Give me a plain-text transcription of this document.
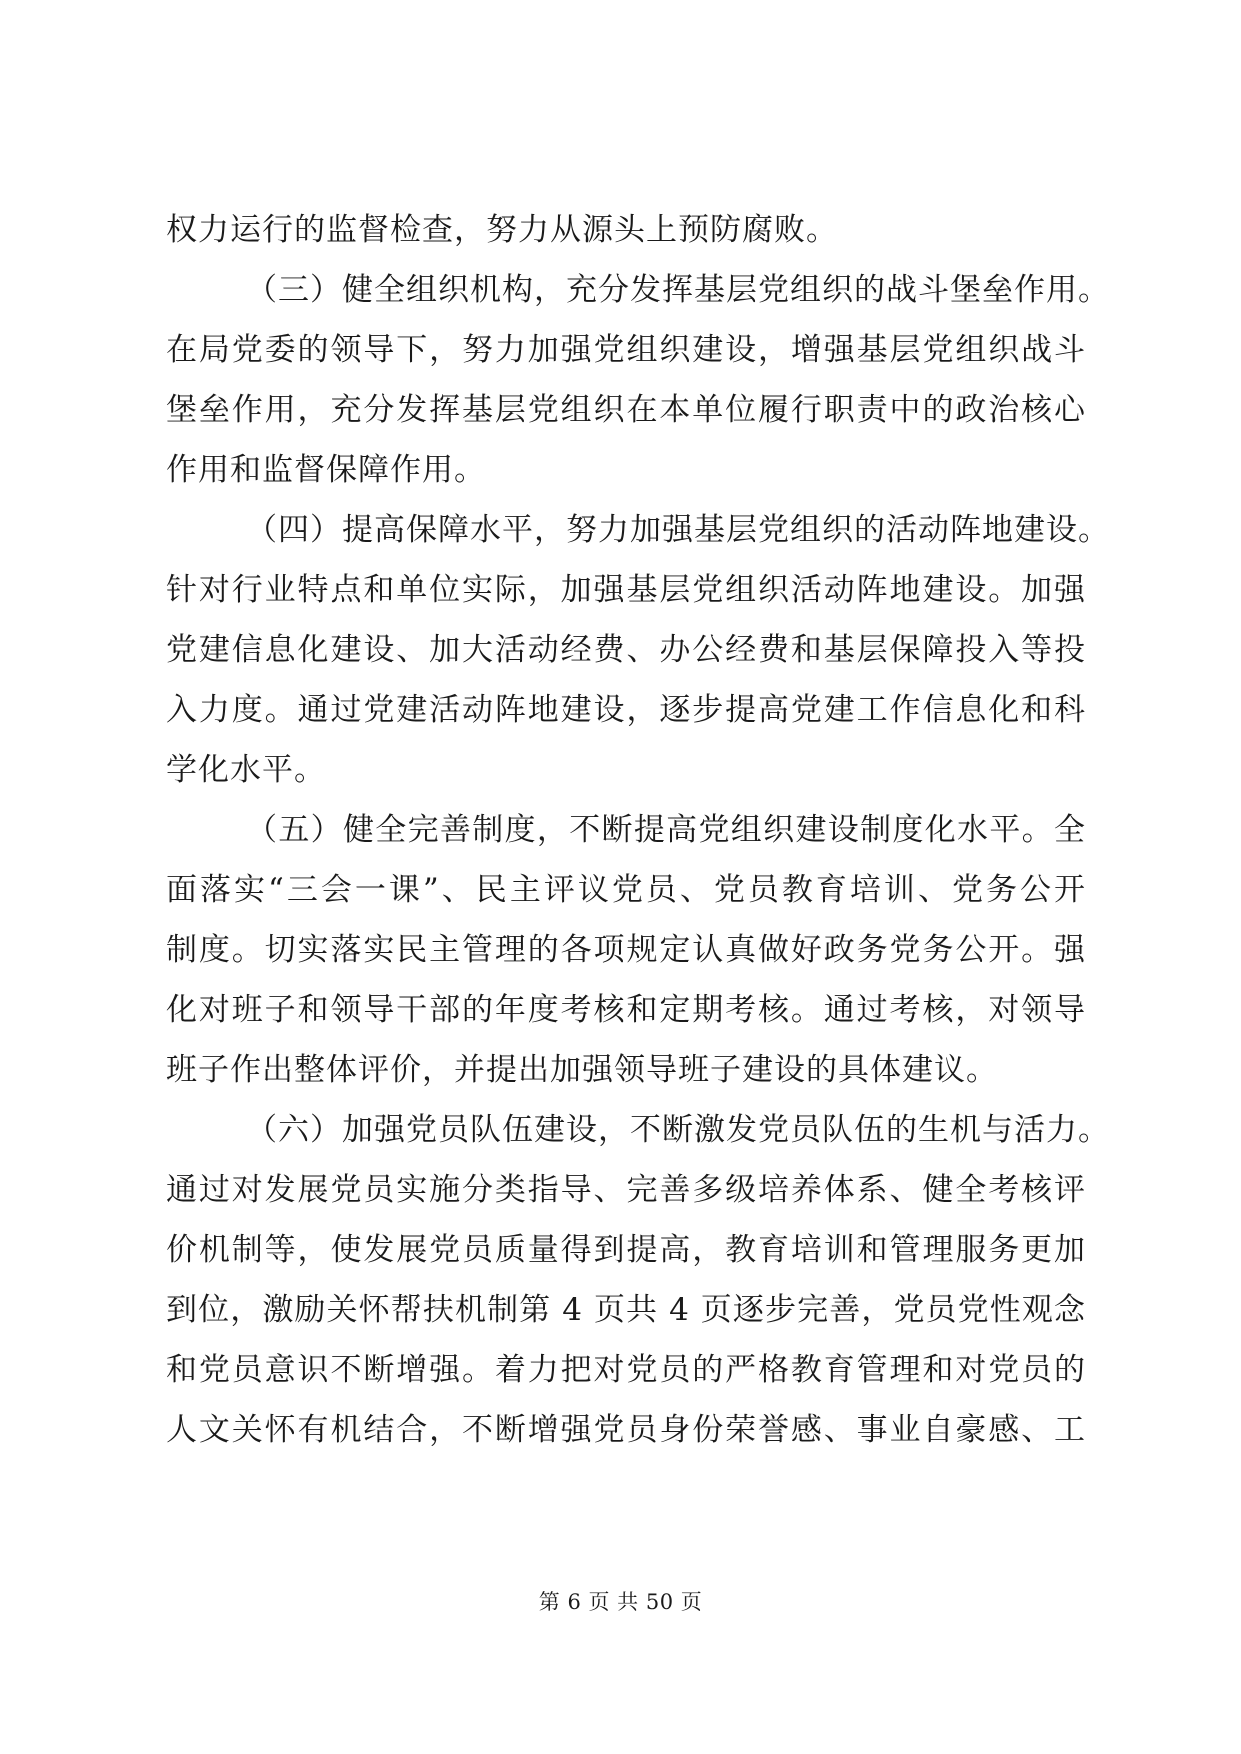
权力运行的监督检查，努力从源头上预防腐败。
（三）健全组织机构，充分发挥基层党组织的战斗堡垒作用。
在局党委的领导下，努力加强党组织建设，增强基层党组织战斗
堡垒作用，充分发挥基层党组织在本单位履行职责中的政治核心
作用和监督保障作用。
（四）提高保障水平，努力加强基层党组织的活动阵地建设。
针对行业特点和单位实际，加强基层党组织活动阵地建设。加强
党建信息化建设、加大活动经费、办公经费和基层保障投入等投
入力度。通过党建活动阵地建设，逐步提高党建工作信息化和科
学化水平。
（五）健全完善制度，不断提高党组织建设制度化水平。全
面落实“三会一课”、民主评议党员、党员教育培训、党务公开
制度。切实落实民主管理的各项规定认真做好政务党务公开。强
化对班子和领导干部的年度考核和定期考核。通过考核，对领导
班子作出整体评价，并提出加强领导班子建设的具体建议。
（六）加强党员队伍建设，不断激发党员队伍的生机与活力。
通过对发展党员实施分类指导、完善多级培养体系、健全考核评
价机制等，使发展党员质量得到提高，教育培训和管理服务更加
到位，激励关怀帮扶机制第 4 页共 4 页逐步完善，党员党性观念
和党员意识不断增强。着力把对党员的严格教育管理和对党员的
人文关怀有机结合，不断增强党员身份荣誉感、事业自豪感、工
第 6 页 共 50 页
